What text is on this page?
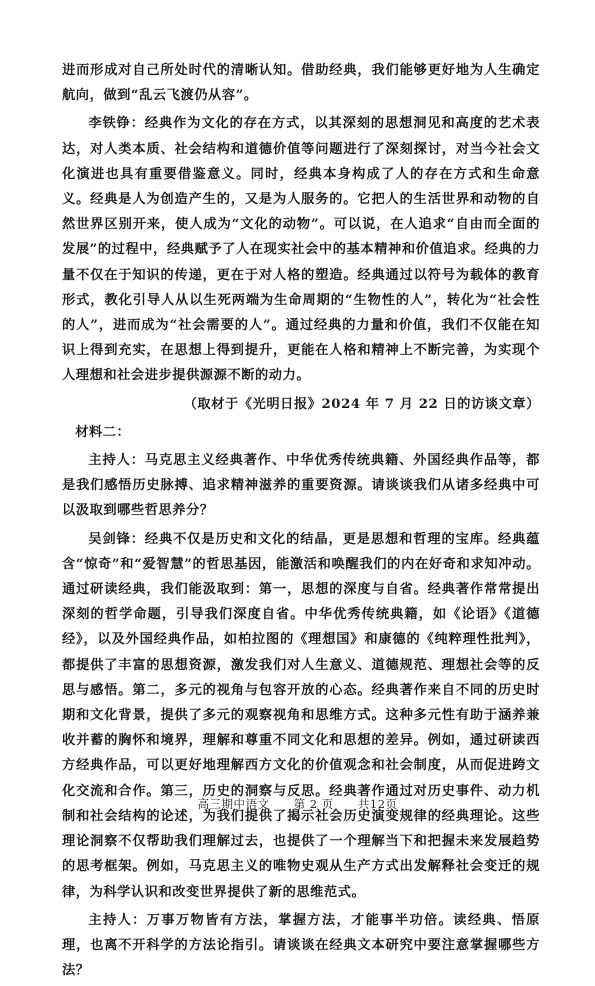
进而形成对自己所处时代的清晰认知。借助经典，我们能够更好地为人生确定航向，做到“乱云飞渡仍从容”。

李铁铮：经典作为文化的存在方式，以其深刻的思想洞见和高度的艺术表达，对人类本质、社会结构和道德价值等问题进行了深刻探讨，对当今社会文化演进也具有重要借鉴意义。同时，经典本身构成了人的存在方式和生命意义。经典是人为创造产生的，又是为人服务的。它把人的生活世界和动物的自然世界区别开来，使人成为“文化的动物”。可以说，在人追求“自由而全面的发展”的过程中，经典赋予了人在现实社会中的基本精神和价值追求。经典的力量不仅在于知识的传递，更在于对人格的塑造。经典通过以符号为载体的教育形式，教化引导人从以生死两端为生命周期的“生物性的人”，转化为“社会性的人”，进而成为“社会需要的人”。通过经典的力量和价值，我们不仅能在知识上得到充实，在思想上得到提升，更能在人格和精神上不断完善，为实现个人理想和社会进步提供源源不断的动力。

（取材于《光明日报》2024 年 7 月 22 日的访谈文章）

材料二：

主持人：马克思主义经典著作、中华优秀传统典籍、外国经典作品等，都是我们感悟历史脉搏、追求精神滋养的重要资源。请谈谈我们从诸多经典中可以汲取到哪些哲思养分？

吴剑锋：经典不仅是历史和文化的结晶，更是思想和哲理的宝库。经典蕴含“惊奇”和“爱智慧”的哲思基因，能激活和唤醒我们的内在好奇和求知冲动。通过研读经典，我们能汲取到：第一，思想的深度与自省。经典著作常常提出深刻的哲学命题，引导我们深度自省。中华优秀传统典籍，如《论语》《道德经》，以及外国经典作品，如柏拉图的《理想国》和康德的《纯粹理性批判》，都提供了丰富的思想资源，激发我们对人生意义、道德规范、理想社会等的反思与感悟。第二，多元的视角与包容开放的心态。经典著作来自不同的历史时期和文化背景，提供了多元的观察视角和思维方式。这种多元性有助于涵养兼收并蓄的胸怀和境界，理解和尊重不同文化和思想的差异。例如，通过研读西方经典作品，可以更好地理解西方文化的价值观念和社会制度，从而促进跨文化交流和合作。第三，历史的洞察与反思。经典著作通过对历史事件、动力机制和社会结构的论述，为我们提供了揭示社会历史演变规律的经典理论。这些理论洞察不仅帮助我们理解过去，也提供了一个理解当下和把握未来发展趋势的思考框架。例如，马克思主义的唯物史观从生产方式出发解释社会变迁的规律，为科学认识和改变世界提供了新的思维范式。

主持人：万事万物皆有方法，掌握方法，才能事半功倍。读经典、悟原理，也离不开科学的方法论指引。请谈谈在经典文本研究中要注意掌握哪些方法？

高三期中语文 第 2 页 共12页
